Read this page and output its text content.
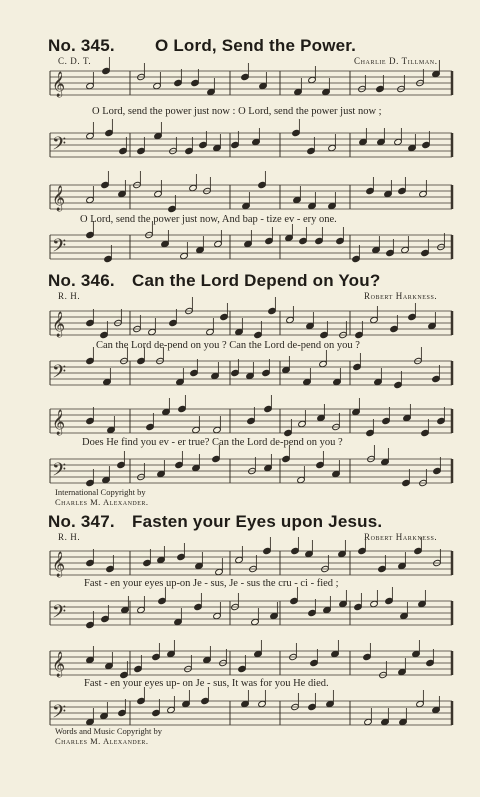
No. 345. O Lord, Send the Power.
C. D. T.	Charlie D. Tillman.
𝄞
O Lord, send the power just now : O Lord, send the power just now ;
𝄢
𝄞
O Lord, send the power just now, And bap - tize ev - ery one.
𝄢
No. 346. Can the Lord Depend on You?
R. H.	Robert Harkness.
𝄞
Can the Lord de-pend on you ? Can the Lord de-pend on you ?
𝄢
𝄞
Does He find you ev - er true? Can the Lord de-pend on you ?
𝄢
International Copyright by
Charles M. Alexander.
No. 347. Fasten your Eyes upon Jesus.
R. H.	Robert Harkness.
𝄞
Fast - en your eyes up-on Je - sus, Je - sus the cru - ci - fied ;
𝄢
𝄞
Fast - en your eyes up- on Je - sus, It was for you He died.
𝄢
Words and Music Copyright by
Charles M. Alexander.
